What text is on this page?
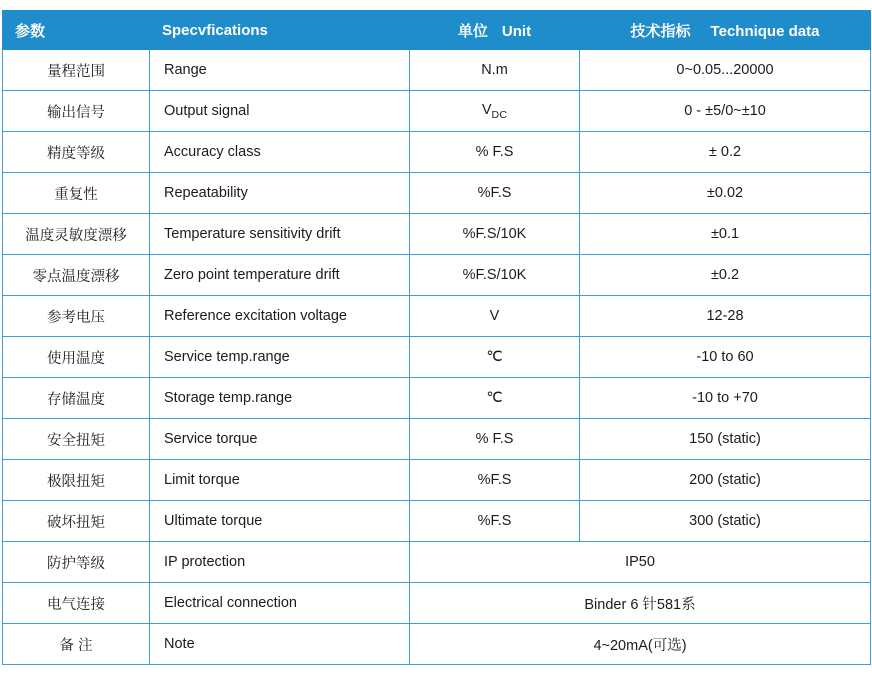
参数	Specvfications	单位 Unit	技术指标 Technique data
量程范围	Range	N.m	0~0.05...20000
输出信号	Output signal	$V_{DC}$	0 - ±5/0~±10
精度等级	Accuracy class	% F.S	± 0.2
重复性	Repeatability	%F.S	±0.02
温度灵敏度漂移	Temperature sensitivity drift	%F.S/10K	±0.1
零点温度漂移	Zero point temperature drift	%F.S/10K	±0.2
参考电压	Reference excitation voltage	V	12-28
使用温度	Service temp.range	℃	-10 to 60
存储温度	Storage temp.range	℃	-10 to +70
安全扭矩	Service torque	% F.S	150 (static)
极限扭矩	Limit torque	%F.S	200 (static)
破坏扭矩	Ultimate torque	%F.S	300 (static)
防护等级	IP protection	IP50	
电气连接	Electrical connection	Binder 6 针581系	
备 注	Note	4~20mA(可选)	
